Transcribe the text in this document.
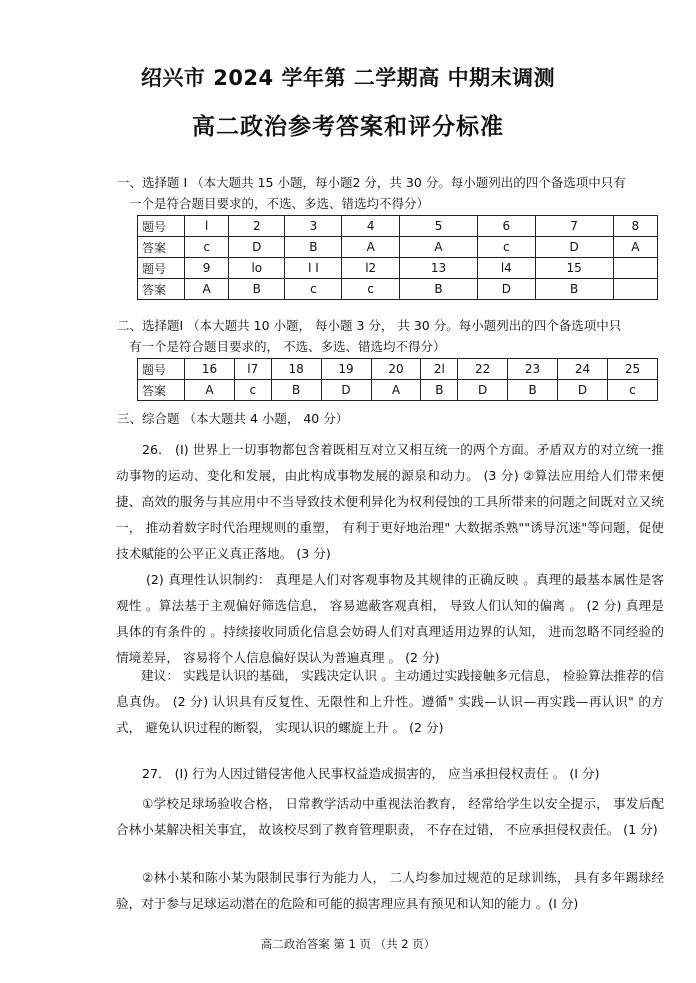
绍兴市 2024 学年第 二学期高 中期末调测
高二政治参考答案和评分标准
一、选择题 I （本大题共 15 小题，每小题2 分，共 30 分。每小题列出的四个备选项中只有
一个是符合题目要求的，不选、多选、错选均不得分）
题号	l	2	3	4	5	6	7	8
答案	c	D	B	A	A	c	D	A
题号	9	lo	I I	l2	13	l4	15	
答案	A	B	c	c	B	D	B	
二、选择题I （本大题共 10 小题， 每小题 3 分， 共 30 分。每小题列出的四个备选项中只
有一个是符合题目要求的， 不选、多选、错选均不得分）
题号	16	l7	18	19	20	2l	22	23	24	25
答案	A	c	B	D	A	B	D	B	D	c
三、综合题 （本大题共 4 小题， 40 分）
26． (I) 世界上一切事物都包含着既相互对立又相互统一的两个方面。矛盾双方的对立统一推动事物的运动、变化和发展，由此构成事物发展的源泉和动力。 (3 分) ②算法应用给人们带来便捷、高效的服务与其应用中不当导致技术便利异化为权利侵蚀的工具所带来的问题之间既对立又统一， 推动着数字时代治理规则的重塑， 有利于更好地治理" 大数据杀熟""诱导沉迷"等问题，促使技术赋能的公平正义真正落地。 (3 分)
(2) 真理性认识制约： 真理是人们对客观事物及其规律的正确反映 。真理的最基本属性是客观性 。算法基于主观偏好筛选信息， 容易遮蔽客观真相， 导致人们认知的偏离 。 (2 分) 真理是具体的有条件的 。持续接收同质化信息会妨碍人们对真理适用边界的认知， 进而忽略不同经验的情境差异， 容易将个人信息偏好误认为普遍真理 。 (2 分)
建议： 实践是认识的基础， 实践决定认识 。主动通过实践接触多元信息， 检验算法推荐的信息真伪。 (2 分) 认识具有反复性、无限性和上升性。遵循" 实践—认识—再实践—再认识" 的方式， 避免认识过程的断裂， 实现认识的螺旋上升 。 (2 分)
27． (I) 行为人因过错侵害他人民事权益造成损害的， 应当承担侵权责任 。 (I 分)
①学校足球场验收合格， 日常教学活动中重视法治教育， 经常给学生以安全提示， 事发后配合林小某解决相关事宜， 故该校尽到了教育管理职责， 不存在过错， 不应承担侵权责任。 (1 分)
②林小某和陈小某为限制民事行为能力人， 二人均参加过规范的足球训练， 具有多年踢球经验，对于参与足球运动潜在的危险和可能的损害理应具有预见和认知的能力 。(I 分)
高二政治答案 第 1 页 （共 2 页）
